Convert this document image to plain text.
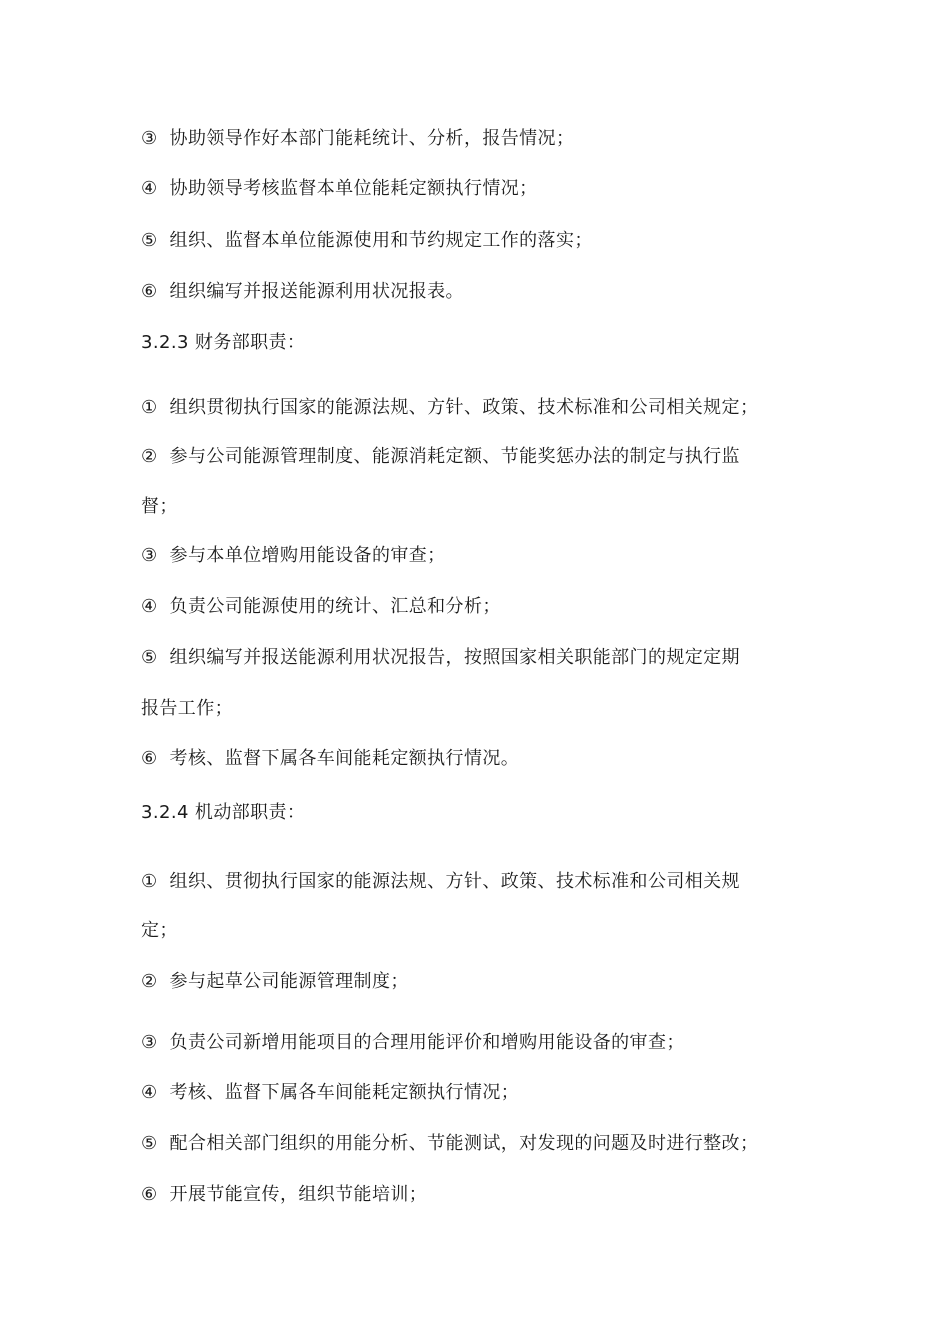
③ 协助领导作好本部门能耗统计、分析，报告情况；
④ 协助领导考核监督本单位能耗定额执行情况；
⑤ 组织、监督本单位能源使用和节约规定工作的落实；
⑥ 组织编写并报送能源利用状况报表。
3.2.3 财务部职责：
① 组织贯彻执行国家的能源法规、方针、政策、技术标准和公司相关规定；
② 参与公司能源管理制度、能源消耗定额、节能奖惩办法的制定与执行监
督；
③ 参与本单位增购用能设备的审查；
④ 负责公司能源使用的统计、汇总和分析；
⑤ 组织编写并报送能源利用状况报告，按照国家相关职能部门的规定定期
报告工作；
⑥ 考核、监督下属各车间能耗定额执行情况。
3.2.4 机动部职责：
① 组织、贯彻执行国家的能源法规、方针、政策、技术标准和公司相关规
定；
② 参与起草公司能源管理制度；
③ 负责公司新增用能项目的合理用能评价和增购用能设备的审查；
④ 考核、监督下属各车间能耗定额执行情况；
⑤ 配合相关部门组织的用能分析、节能测试，对发现的问题及时进行整改；
⑥ 开展节能宣传，组织节能培训；
